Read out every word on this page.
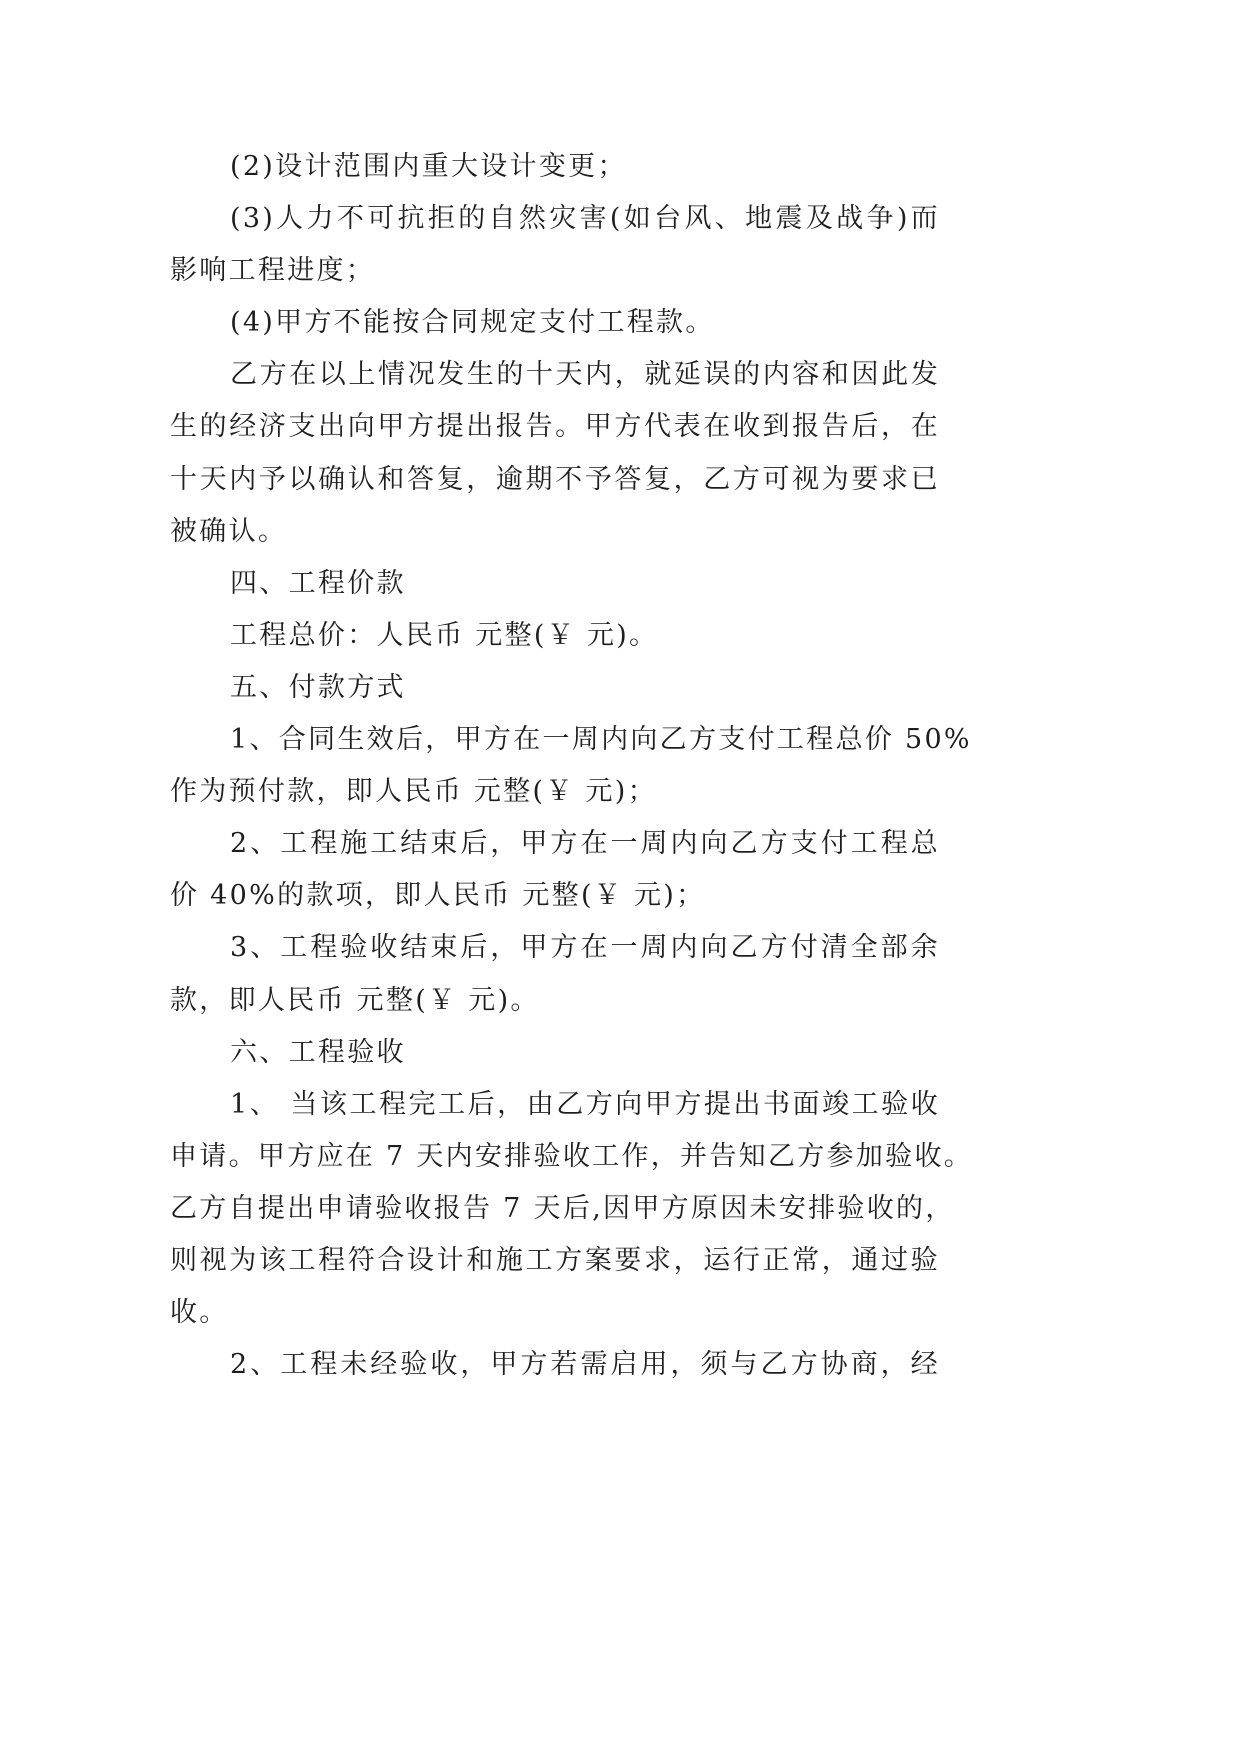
(2)设计范围内重大设计变更；
(3)人力不可抗拒的自然灾害(如台风、地震及战争)而
影响工程进度；
(4)甲方不能按合同规定支付工程款。
乙方在以上情况发生的十天内，就延误的内容和因此发
生的经济支出向甲方提出报告。甲方代表在收到报告后，在
十天内予以确认和答复，逾期不予答复，乙方可视为要求已
被确认。
四、工程价款
工程总价：人民币 元整(￥ 元)。
五、付款方式
1、合同生效后，甲方在一周内向乙方支付工程总价 50%
作为预付款，即人民币 元整(￥ 元)；
2、工程施工结束后，甲方在一周内向乙方支付工程总
价 40%的款项，即人民币 元整(￥ 元)；
3、工程验收结束后，甲方在一周内向乙方付清全部余
款，即人民币 元整(￥ 元)。
六、工程验收
1、 当该工程完工后，由乙方向甲方提出书面竣工验收
申请。甲方应在 7 天内安排验收工作，并告知乙方参加验收。
乙方自提出申请验收报告 7 天后,因甲方原因未安排验收的，
则视为该工程符合设计和施工方案要求，运行正常，通过验
收。
2、工程未经验收，甲方若需启用，须与乙方协商，经
